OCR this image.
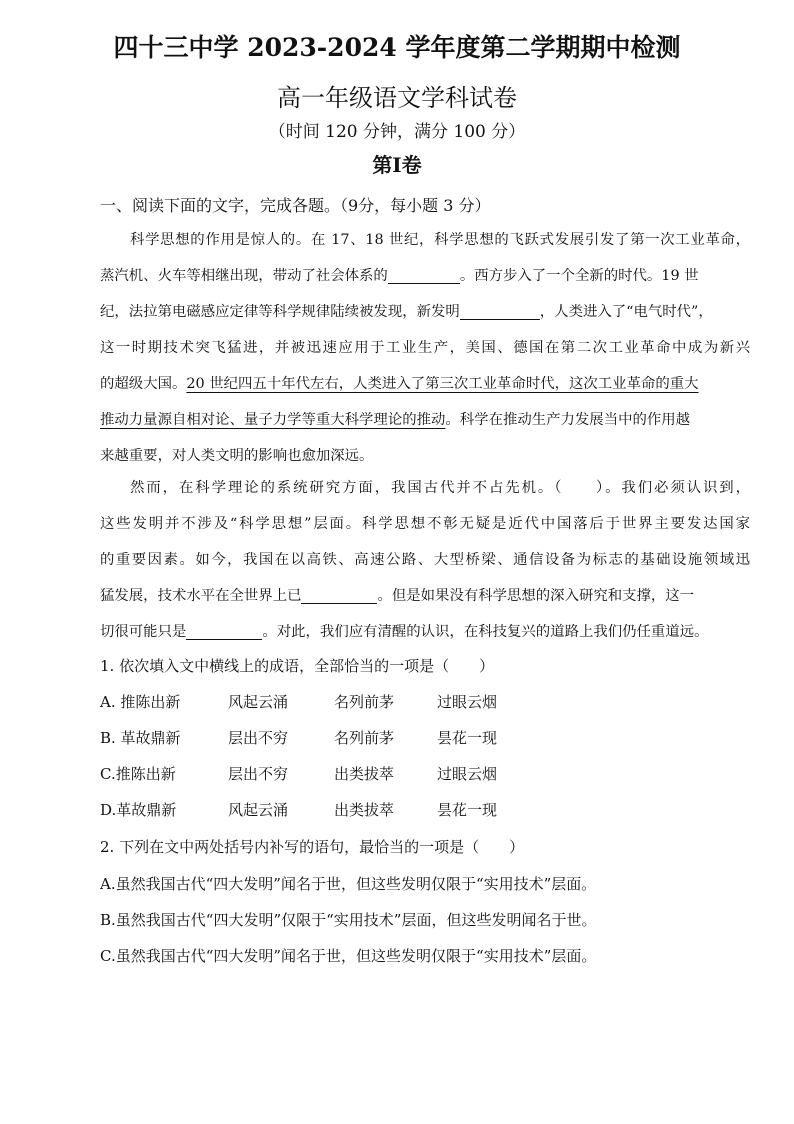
四十三中学 2023-2024 学年度第二学期期中检测
高一年级语文学科试卷
（时间 120 分钟，满分 100 分）
第Ⅰ卷
一、阅读下面的文字，完成各题。（9分，每小题 3 分）
科学思想的作用是惊人的。在 17、18 世纪，科学思想的飞跃式发展引发了第一次工业革命，
蒸汽机、火车等相继出现，带动了社会体系的	。西方步入了一个全新的时代。19 世
纪，法拉第电磁感应定律等科学规律陆续被发现，新发明	，人类进入了“电气时代”，
这一时期技术突飞猛进，并被迅速应用于工业生产，美国、德国在第二次工业革命中成为新兴
的超级大国。20 世纪四五十年代左右，人类进入了第三次工业革命时代，这次工业革命的重大
推动力量源自相对论、量子力学等重大科学理论的推动。科学在推动生产力发展当中的作用越
来越重要，对人类文明的影响也愈加深远。
然而，在科学理论的系统研究方面，我国古代并不占先机。（　　）。我们必须认识到，
这些发明并不涉及“科学思想”层面。科学思想不彰无疑是近代中国落后于世界主要发达国家
的重要因素。如今，我国在以高铁、高速公路、大型桥梁、通信设备为标志的基础设施领域迅
猛发展，技术水平在全世界上已	。但是如果没有科学思想的深入研究和支撑，这一
切很可能只是	。对此，我们应有清醒的认识，在科技复兴的道路上我们仍任重道远。
1. 依次填入文中横线上的成语，全部恰当的一项是（　　）
A. 推陈出新	风起云涌	名列前茅	过眼云烟
B. 革故鼎新	层出不穷	名列前茅	昙花一现
C.推陈出新	层出不穷	出类拔萃	过眼云烟
D.革故鼎新	风起云涌	出类拔萃	昙花一现
2. 下列在文中两处括号内补写的语句，最恰当的一项是（　　）
A.虽然我国古代“四大发明”闻名于世，但这些发明仅限于“实用技术”层面。
B.虽然我国古代“四大发明”仅限于“实用技术”层面，但这些发明闻名于世。
C.虽然我国古代“四大发明”闻名于世，但这些发明仅限于“实用技术”层面。
